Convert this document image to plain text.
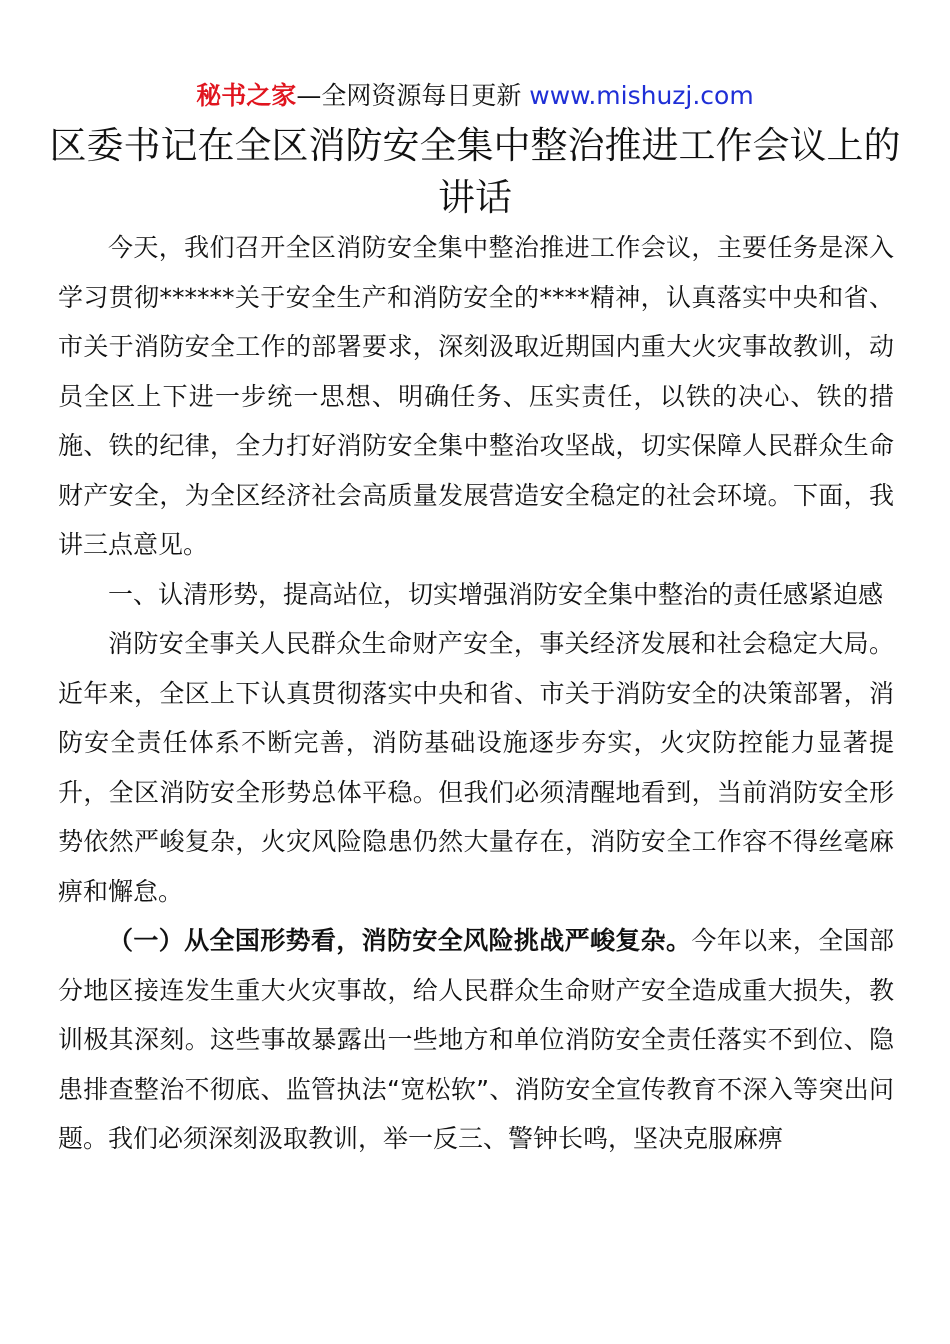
秘书之家—全网资源每日更新 www.mishuzj.com
区委书记在全区消防安全集中整治推进工作会议上的讲话

今天，我们召开全区消防安全集中整治推进工作会议，主要任务是深入学习贯彻******关于安全生产和消防安全的****精神，认真落实中央和省、市关于消防安全工作的部署要求，深刻汲取近期国内重大火灾事故教训，动员全区上下进一步统一思想、明确任务、压实责任，以铁的决心、铁的措施、铁的纪律，全力打好消防安全集中整治攻坚战，切实保障人民群众生命财产安全，为全区经济社会高质量发展营造安全稳定的社会环境。下面，我讲三点意见。

一、认清形势，提高站位，切实增强消防安全集中整治的责任感紧迫感

消防安全事关人民群众生命财产安全，事关经济发展和社会稳定大局。近年来，全区上下认真贯彻落实中央和省、市关于消防安全的决策部署，消防安全责任体系不断完善，消防基础设施逐步夯实，火灾防控能力显著提升，全区消防安全形势总体平稳。但我们必须清醒地看到，当前消防安全形势依然严峻复杂，火灾风险隐患仍然大量存在，消防安全工作容不得丝毫麻痹和懈怠。

（一）从全国形势看，消防安全风险挑战严峻复杂。今年以来，全国部分地区接连发生重大火灾事故，给人民群众生命财产安全造成重大损失，教训极其深刻。这些事故暴露出一些地方和单位消防安全责任落实不到位、隐患排查整治不彻底、监管执法“宽松软”、消防安全宣传教育不深入等突出问题。我们必须深刻汲取教训，举一反三、警钟长鸣，坚决克服麻痹
